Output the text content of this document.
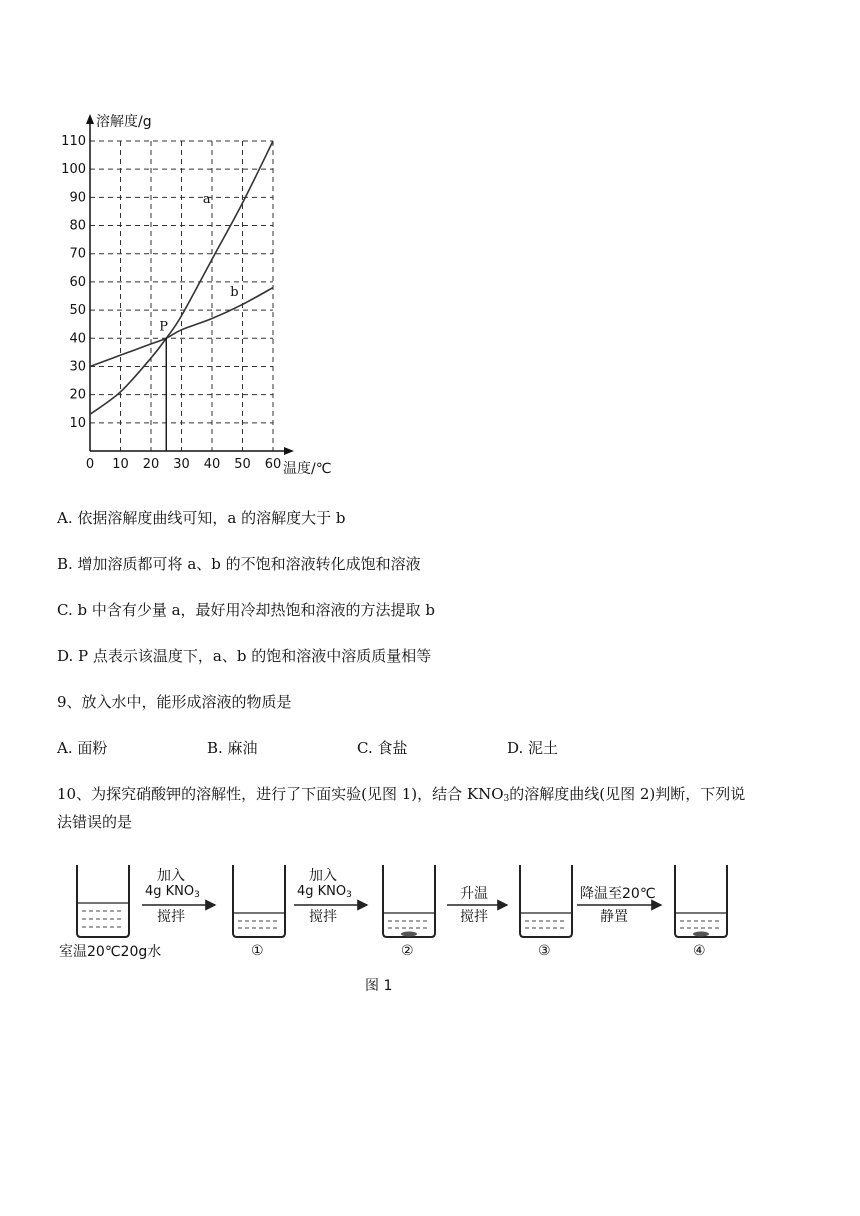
10
20
30
40
50
60
70
80
90
100
110
0 10 20 30 40 50 60
溶解度/g
温度/℃
a
b
P
A. 依据溶解度曲线可知，a 的溶解度大于 b
B. 增加溶质都可将 a、b 的不饱和溶液转化成饱和溶液
C. b 中含有少量 a，最好用冷却热饱和溶液的方法提取 b
D. P 点表示该温度下，a、b 的饱和溶液中溶质质量相等
9、放入水中，能形成溶液的物质是
A. 面粉	B. 麻油	C. 食盐	D. 泥土
10、为探究硝酸钾的溶解性，进行了下面实验(见图 1)，结合 $KNO_3$的溶解度曲线(见图 2)判断，下列说
法错误的是
加入
4g $KNO_3$
搅拌
加入
4g $KNO_3$
搅拌
升温
搅拌
降温至20℃
静置
室温20℃20g水	①	②	③	④
图 1
